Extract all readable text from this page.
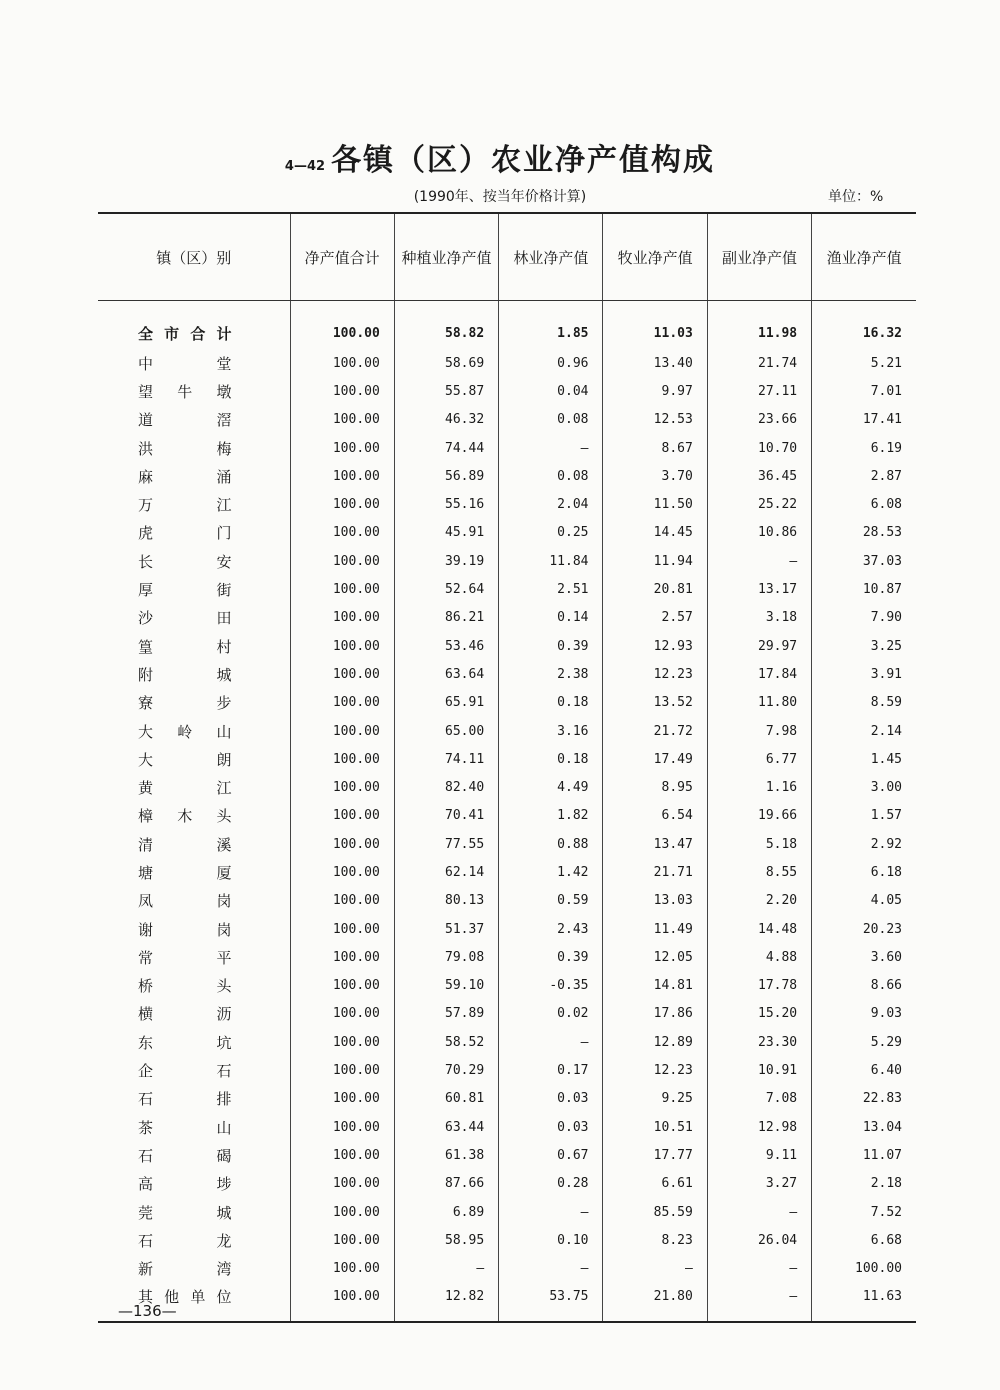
4—42 各镇（区）农业净产值构成
(1990年、按当年价格计算)	单位：%
镇（区）别	净产值合计	种植业净产值	林业净产值	牧业净产值	副业净产值	渔业净产值
全市合计	100.00	58.82	1.85	11.03	11.98	16.32
中堂	100.00	58.69	0.96	13.40	21.74	5.21
望牛墩	100.00	55.87	0.04	9.97	27.11	7.01
道滘	100.00	46.32	0.08	12.53	23.66	17.41
洪梅	100.00	74.44	—	8.67	10.70	6.19
麻涌	100.00	56.89	0.08	3.70	36.45	2.87
万江	100.00	55.16	2.04	11.50	25.22	6.08
虎门	100.00	45.91	0.25	14.45	10.86	28.53
长安	100.00	39.19	11.84	11.94	—	37.03
厚街	100.00	52.64	2.51	20.81	13.17	10.87
沙田	100.00	86.21	0.14	2.57	3.18	7.90
篁村	100.00	53.46	0.39	12.93	29.97	3.25
附城	100.00	63.64	2.38	12.23	17.84	3.91
寮步	100.00	65.91	0.18	13.52	11.80	8.59
大岭山	100.00	65.00	3.16	21.72	7.98	2.14
大朗	100.00	74.11	0.18	17.49	6.77	1.45
黄江	100.00	82.40	4.49	8.95	1.16	3.00
樟木头	100.00	70.41	1.82	6.54	19.66	1.57
清溪	100.00	77.55	0.88	13.47	5.18	2.92
塘厦	100.00	62.14	1.42	21.71	8.55	6.18
凤岗	100.00	80.13	0.59	13.03	2.20	4.05
谢岗	100.00	51.37	2.43	11.49	14.48	20.23
常平	100.00	79.08	0.39	12.05	4.88	3.60
桥头	100.00	59.10	-0.35	14.81	17.78	8.66
横沥	100.00	57.89	0.02	17.86	15.20	9.03
东坑	100.00	58.52	—	12.89	23.30	5.29
企石	100.00	70.29	0.17	12.23	10.91	6.40
石排	100.00	60.81	0.03	9.25	7.08	22.83
茶山	100.00	63.44	0.03	10.51	12.98	13.04
石碣	100.00	61.38	0.67	17.77	9.11	11.07
高埗	100.00	87.66	0.28	6.61	3.27	2.18
莞城	100.00	6.89	—	85.59	—	7.52
石龙	100.00	58.95	0.10	8.23	26.04	6.68
新湾	100.00	—	—	—	—	100.00
其他单位	100.00	12.82	53.75	21.80	—	11.63
—136—
